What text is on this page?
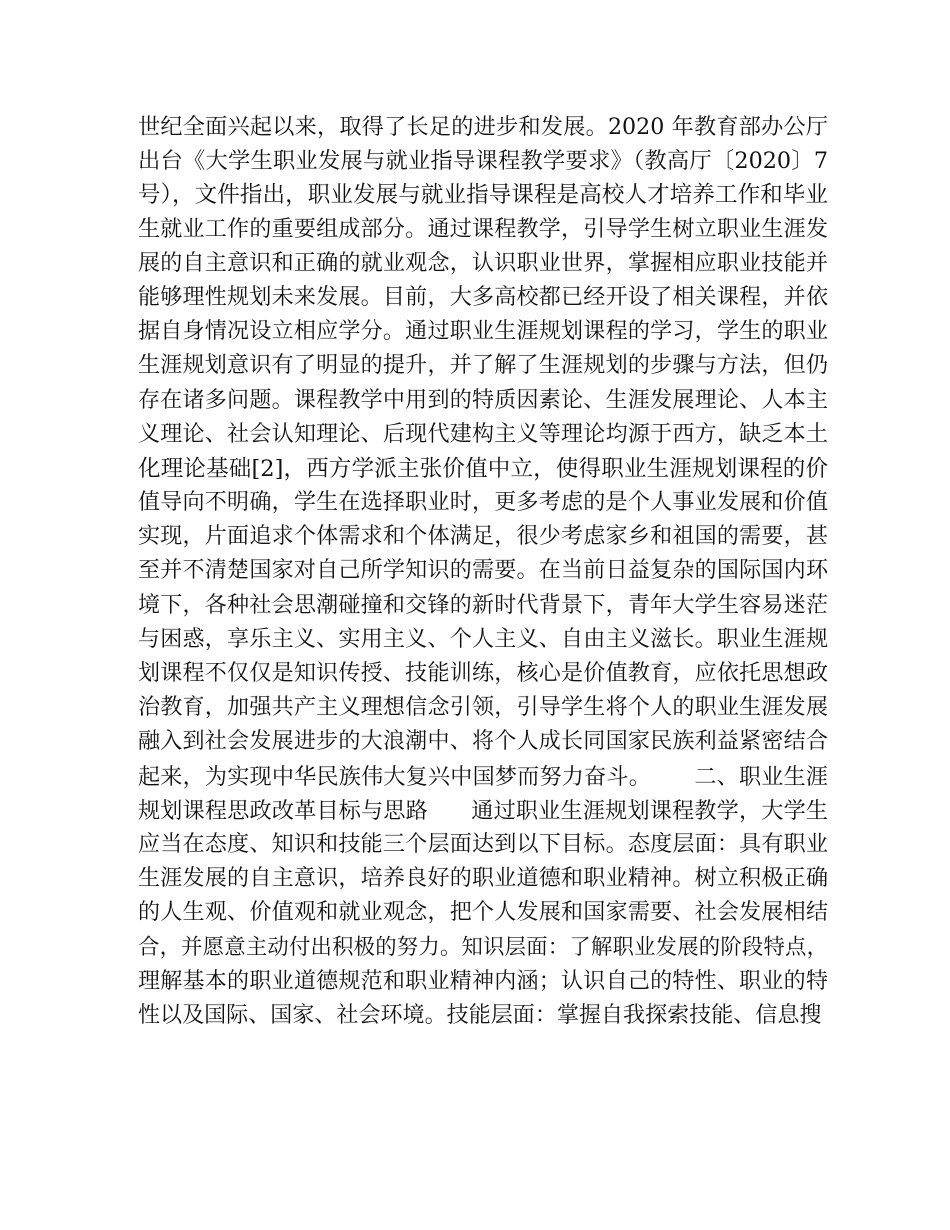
世纪全面兴起以来，取得了长足的进步和发展。2020 年教育部办公厅
出台《大学生职业发展与就业指导课程教学要求》（教高厅〔2020〕7
号），文件指出，职业发展与就业指导课程是高校人才培养工作和毕业
生就业工作的重要组成部分。通过课程教学，引导学生树立职业生涯发
展的自主意识和正确的就业观念，认识职业世界，掌握相应职业技能并
能够理性规划未来发展。目前，大多高校都已经开设了相关课程，并依
据自身情况设立相应学分。通过职业生涯规划课程的学习，学生的职业
生涯规划意识有了明显的提升，并了解了生涯规划的步骤与方法，但仍
存在诸多问题。课程教学中用到的特质因素论、生涯发展理论、人本主
义理论、社会认知理论、后现代建构主义等理论均源于西方，缺乏本土
化理论基础[2]，西方学派主张价值中立，使得职业生涯规划课程的价
值导向不明确，学生在选择职业时，更多考虑的是个人事业发展和价值
实现，片面追求个体需求和个体满足，很少考虑家乡和祖国的需要，甚
至并不清楚国家对自己所学知识的需要。在当前日益复杂的国际国内环
境下，各种社会思潮碰撞和交锋的新时代背景下，青年大学生容易迷茫
与困惑，享乐主义、实用主义、个人主义、自由主义滋长。职业生涯规
划课程不仅仅是知识传授、技能训练，核心是价值教育，应依托思想政
治教育，加强共产主义理想信念引领，引导学生将个人的职业生涯发展
融入到社会发展进步的大浪潮中、将个人成长同国家民族利益紧密结合
起来，为实现中华民族伟大复兴中国梦而努力奋斗。      二、职业生涯
规划课程思政改革目标与思路      通过职业生涯规划课程教学，大学生
应当在态度、知识和技能三个层面达到以下目标。态度层面：具有职业
生涯发展的自主意识，培养良好的职业道德和职业精神。树立积极正确
的人生观、价值观和就业观念，把个人发展和国家需要、社会发展相结
合，并愿意主动付出积极的努力。知识层面：了解职业发展的阶段特点，
理解基本的职业道德规范和职业精神内涵；认识自己的特性、职业的特
性以及国际、国家、社会环境。技能层面：掌握自我探索技能、信息搜
